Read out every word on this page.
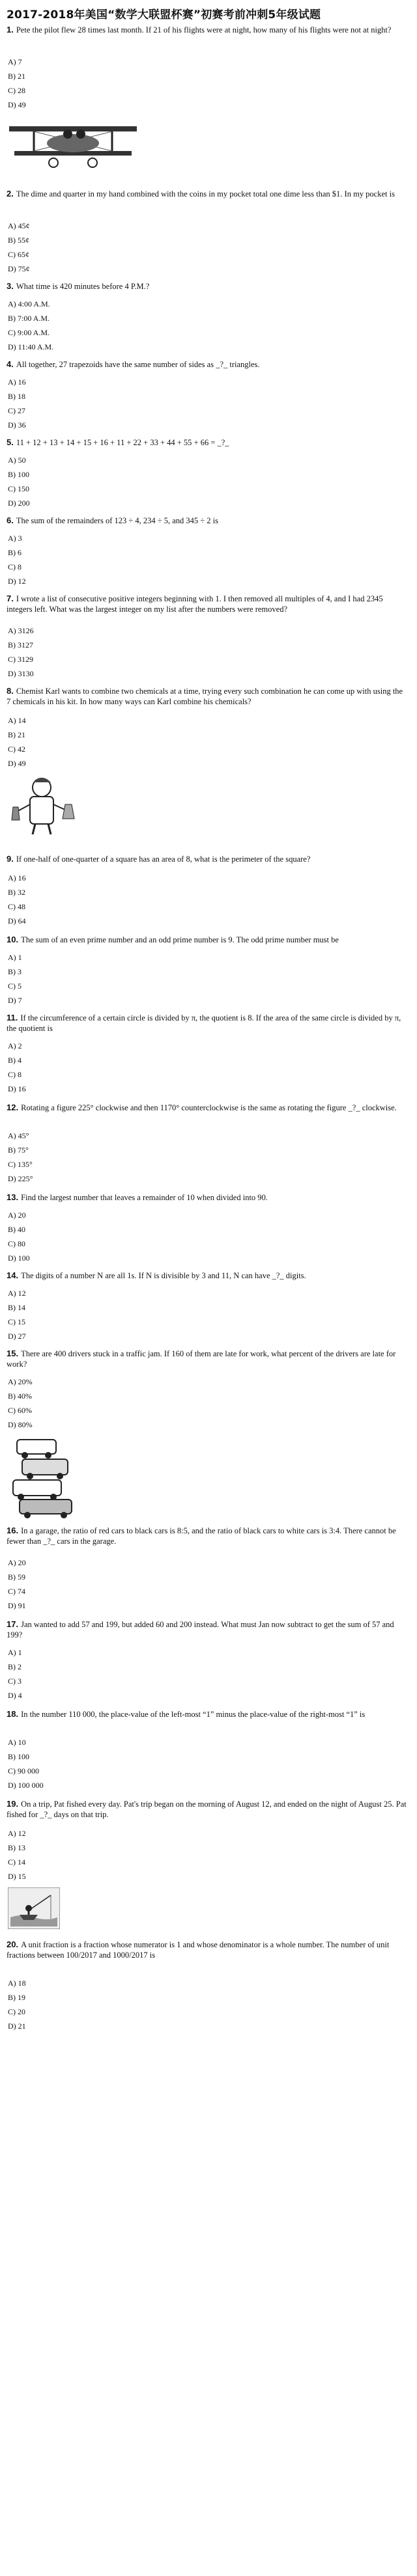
2017-2018年美国“数学大联盟杯赛”初赛考前冲刺5年级试题
1. Pete the pilot flew 28 times last month. If 21 of his flights were at night, how many of his flights were not at night?
A) 7
B) 21
C) 28
D) 49
2. The dime and quarter in my hand combined with the coins in my pocket total one dime less than $1. In my pocket is
A) 45¢
B) 55¢
C) 65¢
D) 75¢
3. What time is 420 minutes before 4 P.M.?
A) 4:00 A.M.
B) 7:00 A.M.
C) 9:00 A.M.
D) 11:40 A.M.
4. All together, 27 trapezoids have the same number of sides as _?_ triangles.
A) 16
B) 18
C) 27
D) 36
5. 11 + 12 + 13 + 14 + 15 + 16 + 11 + 22 + 33 + 44 + 55 + 66 = _?_
A) 50
B) 100
C) 150
D) 200
6. The sum of the remainders of 123 ÷ 4, 234 ÷ 5, and 345 ÷ 2 is
A) 3
B) 6
C) 8
D) 12
7. I wrote a list of consecutive positive integers beginning with 1. I then removed all multiples of 4, and I had 2345 integers left. What was the largest integer on my list after the numbers were removed?
A) 3126
B) 3127
C) 3129
D) 3130
8. Chemist Karl wants to combine two chemicals at a time, trying every such combination he can come up with using the 7 chemicals in his kit. In how many ways can Karl combine his chemicals?
A) 14
B) 21
C) 42
D) 49
9. If one-half of one-quarter of a square has an area of 8, what is the perimeter of the square?
A) 16
B) 32
C) 48
D) 64
10. The sum of an even prime number and an odd prime number is 9. The odd prime number must be
A) 1
B) 3
C) 5
D) 7
11. If the circumference of a certain circle is divided by π, the quotient is 8. If the area of the same circle is divided by π, the quotient is
A) 2
B) 4
C) 8
D) 16
12. Rotating a figure 225° clockwise and then 1170° counterclockwise is the same as rotating the figure _?_ clockwise.
A) 45°
B) 75°
C) 135°
D) 225°
13. Find the largest number that leaves a remainder of 10 when divided into 90.
A) 20
B) 40
C) 80
D) 100
14. The digits of a number N are all 1s. If N is divisible by 3 and 11, N can have _?_ digits.
A) 12
B) 14
C) 15
D) 27
15. There are 400 drivers stuck in a traffic jam. If 160 of them are late for work, what percent of the drivers are late for work?
A) 20%
B) 40%
C) 60%
D) 80%
16. In a garage, the ratio of red cars to black cars is 8:5, and the ratio of black cars to white cars is 3:4. There cannot be fewer than _?_ cars in the garage.
A) 20
B) 59
C) 74
D) 91
17. Jan wanted to add 57 and 199, but added 60 and 200 instead. What must Jan now subtract to get the sum of 57 and 199?
A) 1
B) 2
C) 3
D) 4
18. In the number 110 000, the place-value of the left-most “1” minus the place-value of the right-most “1” is
A) 10
B) 100
C) 90 000
D) 100 000
19. On a trip, Pat fished every day. Pat's trip began on the morning of August 12, and ended on the night of August 25. Pat fished for _?_ days on that trip.
A) 12
B) 13
C) 14
D) 15
20. A unit fraction is a fraction whose numerator is 1 and whose denominator is a whole number. The number of unit fractions between 100/2017 and 1000/2017 is
A) 18
B) 19
C) 20
D) 21
